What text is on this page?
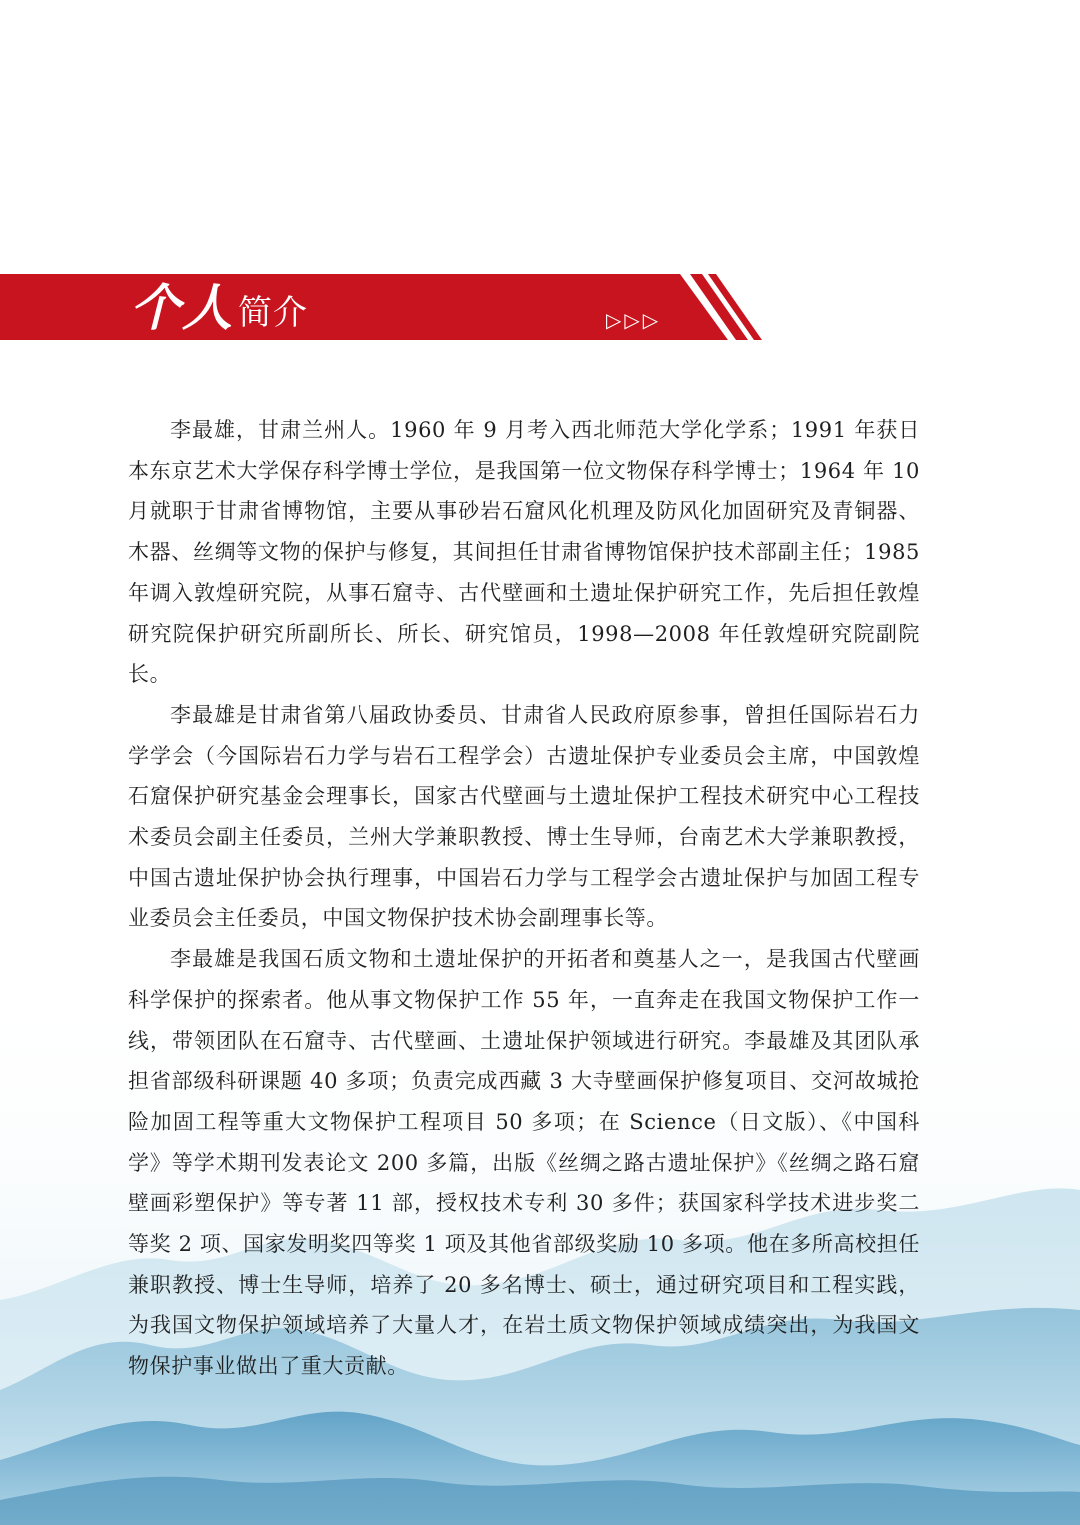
个人 简介	▷▷▷

李最雄，甘肃兰州人。1960 年 9 月考入西北师范大学化学系；1991 年获日本东京艺术大学保存科学博士学位，是我国第一位文物保存科学博士；1964 年 10 月就职于甘肃省博物馆，主要从事砂岩石窟风化机理及防风化加固研究及青铜器、木器、丝绸等文物的保护与修复，其间担任甘肃省博物馆保护技术部副主任；1985 年调入敦煌研究院，从事石窟寺、古代壁画和土遗址保护研究工作，先后担任敦煌研究院保护研究所副所长、所长、研究馆员，1998—2008 年任敦煌研究院副院长。

李最雄是甘肃省第八届政协委员、甘肃省人民政府原参事，曾担任国际岩石力学学会（今国际岩石力学与岩石工程学会）古遗址保护专业委员会主席，中国敦煌石窟保护研究基金会理事长，国家古代壁画与土遗址保护工程技术研究中心工程技术委员会副主任委员，兰州大学兼职教授、博士生导师，台南艺术大学兼职教授，中国古遗址保护协会执行理事，中国岩石力学与工程学会古遗址保护与加固工程专业委员会主任委员，中国文物保护技术协会副理事长等。

李最雄是我国石质文物和土遗址保护的开拓者和奠基人之一，是我国古代壁画科学保护的探索者。他从事文物保护工作 55 年，一直奔走在我国文物保护工作一线，带领团队在石窟寺、古代壁画、土遗址保护领域进行研究。李最雄及其团队承担省部级科研课题 40 多项；负责完成西藏 3 大寺壁画保护修复项目、交河故城抢险加固工程等重大文物保护工程项目 50 多项；在 Science（日文版）、《中国科学》等学术期刊发表论文 200 多篇，出版《丝绸之路古遗址保护》《丝绸之路石窟壁画彩塑保护》等专著 11 部，授权技术专利 30 多件；获国家科学技术进步奖二等奖 2 项、国家发明奖四等奖 1 项及其他省部级奖励 10 多项。他在多所高校担任兼职教授、博士生导师，培养了 20 多名博士、硕士，通过研究项目和工程实践，为我国文物保护领域培养了大量人才，在岩土质文物保护领域成绩突出，为我国文物保护事业做出了重大贡献。
